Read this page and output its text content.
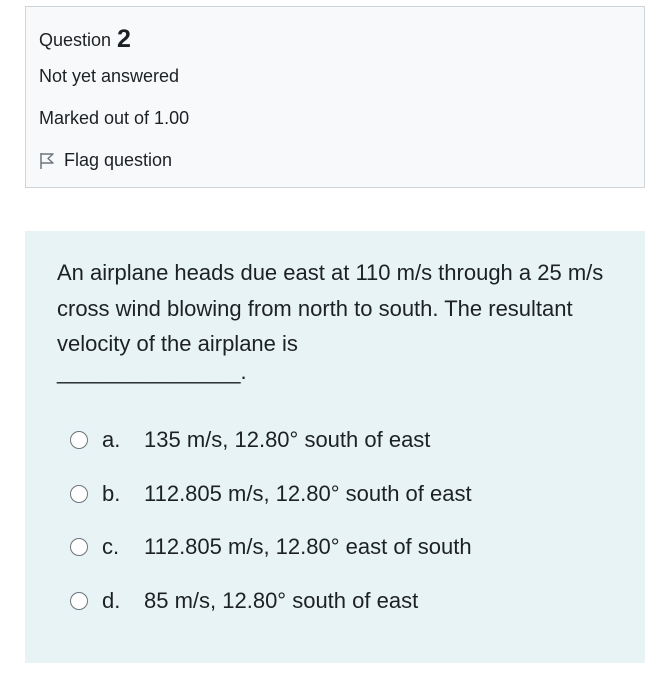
Question 2
Not yet answered
Marked out of 1.00
Flag question
An airplane heads due east at 110 m/s through a 25 m/s cross wind blowing from north to south. The resultant velocity of the airplane is
_______________.
a.	135 m/s, 12.80° south of east
b.	112.805 m/s, 12.80° south of east
c.	112.805 m/s, 12.80° east of south
d.	85 m/s, 12.80° south of east
